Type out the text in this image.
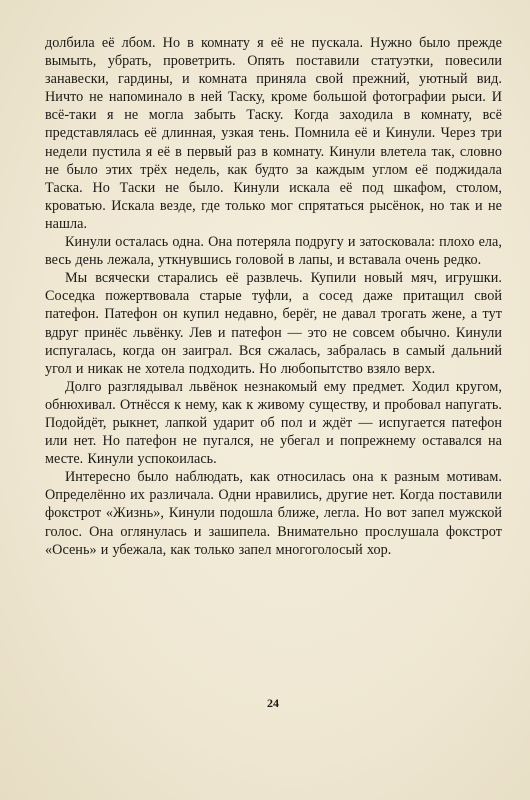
долбила её лбом. Но в комнату я её не пускала. Нужно было прежде вымыть, убрать, проветрить. Опять поставили статуэтки, повесили занавески, гардины, и комната приняла свой прежний, уютный вид. Ничто не напоминало в ней Таску, кроме большой фотографии рыси. И всё-таки я не могла забыть Таску. Когда заходила в комнату, всё представлялась её длинная, узкая тень. Помнила её и Кинули. Через три недели пустила я её в первый раз в комнату. Кинули влетела так, словно не было этих трёх недель, как будто за каждым углом её поджидала Таска. Но Таски не было. Кинули искала её под шкафом, столом, кроватью. Искала везде, где только мог спрятаться рысёнок, но так и не нашла.

Кинули осталась одна. Она потеряла подругу и затосковала: плохо ела, весь день лежала, уткнувшись головой в лапы, и вставала очень редко.

Мы всячески старались её развлечь. Купили новый мяч, игрушки. Соседка пожертвовала старые туфли, а сосед даже притащил свой патефон. Патефон он купил недавно, берёг, не давал трогать жене, а тут вдруг принёс львёнку. Лев и патефон — это не совсем обычно. Кинули испугалась, когда он заиграл. Вся сжалась, забралась в самый дальний угол и никак не хотела подходить. Но любопытство взяло верх.

Долго разглядывал львёнок незнакомый ему предмет. Ходил кругом, обнюхивал. Отнёсся к нему, как к живому существу, и пробовал напугать. Подойдёт, рыкнет, лапкой ударит об пол и ждёт — испугается патефон или нет. Но патефон не пугался, не убегал и попрежнему оставался на месте. Кинули успокоилась.

Интересно было наблюдать, как относилась она к разным мотивам. Определённо их различала. Одни нравились, другие нет. Когда поставили фокстрот «Жизнь», Кинули подошла ближе, легла. Но вот запел мужской голос. Она оглянулась и зашипела. Внимательно прослушала фокстрот «Осень» и убежала, как только запел многоголосый хор.

24
